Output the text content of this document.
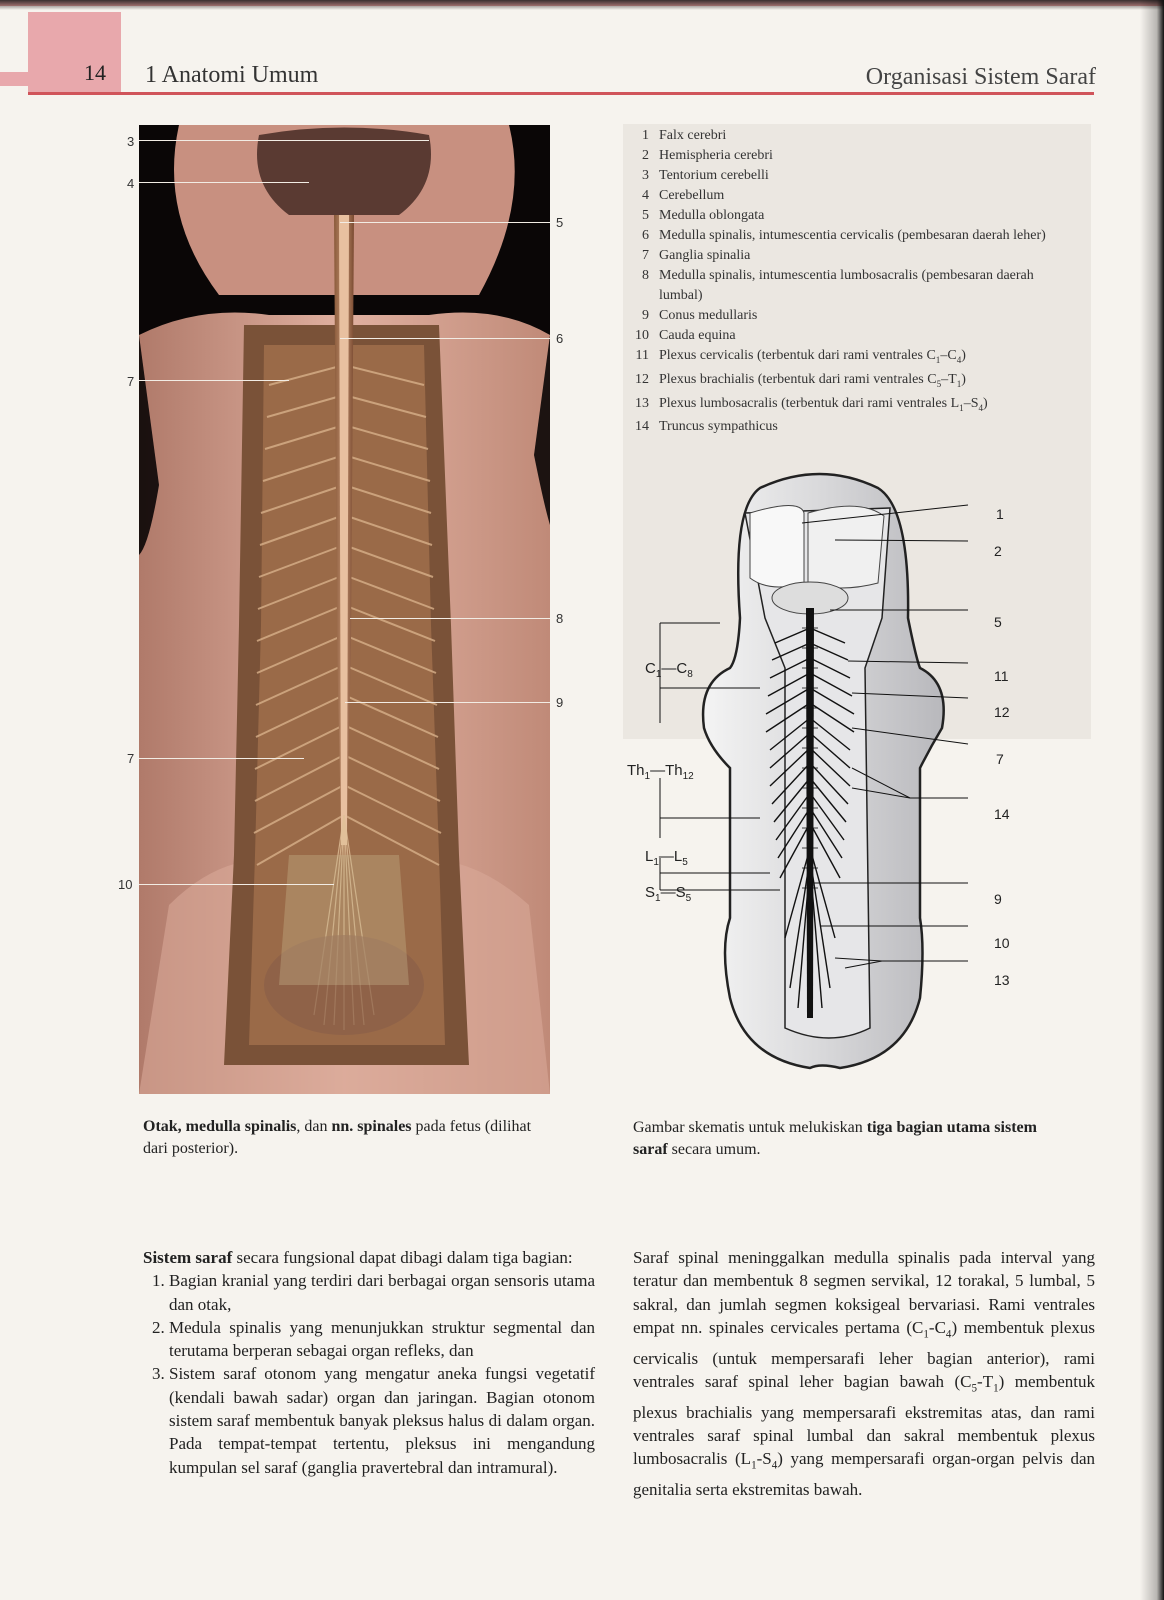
14 1 Anatomi Umum	Organisasi Sistem Saraf
3
4
5
6
7
8
9
7
10
1 Falx cerebri
2 Hemispheria cerebri
3 Tentorium cerebelli
4 Cerebellum
5 Medulla oblongata
6 Medulla spinalis, intumescentia cervicalis (pembesaran daerah leher)
7 Ganglia spinalia
8 Medulla spinalis, intumescentia lumbosacralis (pembesaran daerah lumbal)
9 Conus medullaris
10 Cauda equina
11 Plexus cervicalis (terbentuk dari rami ventrales $C_1-C_4$)
12 Plexus brachialis (terbentuk dari rami ventrales $C_5-T_1$)
13 Plexus lumbosacralis (terbentuk dari rami ventrales $L_1-S_4$)
14 Truncus sympathicus
1
2
5
11
12
7
14
9
10
13
$C_1—C_8$
$Th_1—Th_{12}$
$L_1—L_5$
$S_1—S_5$
Otak, medulla spinalis, dan nn. spinales pada fetus (dilihat dari posterior).
Gambar skematis untuk melukiskan tiga bagian utama sistem saraf secara umum.

Sistem saraf secara fungsional dapat dibagi dalam tiga bagian:

1. Bagian kranial yang terdiri dari berbagai organ sensoris utama dan otak,
2. Medula spinalis yang menunjukkan struktur segmental dan terutama berperan sebagai organ refleks, dan
3. Sistem saraf otonom yang mengatur aneka fungsi vegetatif (kendali bawah sadar) organ dan jaringan. Bagian otonom sistem saraf membentuk banyak pleksus halus di dalam organ. Pada tempat-tempat tertentu, pleksus ini mengandung kumpulan sel saraf (ganglia pravertebral dan intramural).

Saraf spinal meninggalkan medulla spinalis pada interval yang teratur dan membentuk 8 segmen servikal, 12 torakal, 5 lumbal, 5 sakral, dan jumlah segmen koksigeal bervariasi. Rami ventrales empat nn. spinales cervicales pertama $(C_1-C_4)$ membentuk plexus cervicalis (untuk mempersarafi leher bagian anterior), rami ventrales saraf spinal leher bagian bawah $(C_5-T_1)$ membentuk plexus brachialis yang mempersarafi ekstremitas atas, dan rami ventrales saraf spinal lumbal dan sakral membentuk plexus lumbosacralis $(L_1-S_4)$ yang mempersarafi organ-organ pelvis dan genitalia serta ekstremitas bawah.
